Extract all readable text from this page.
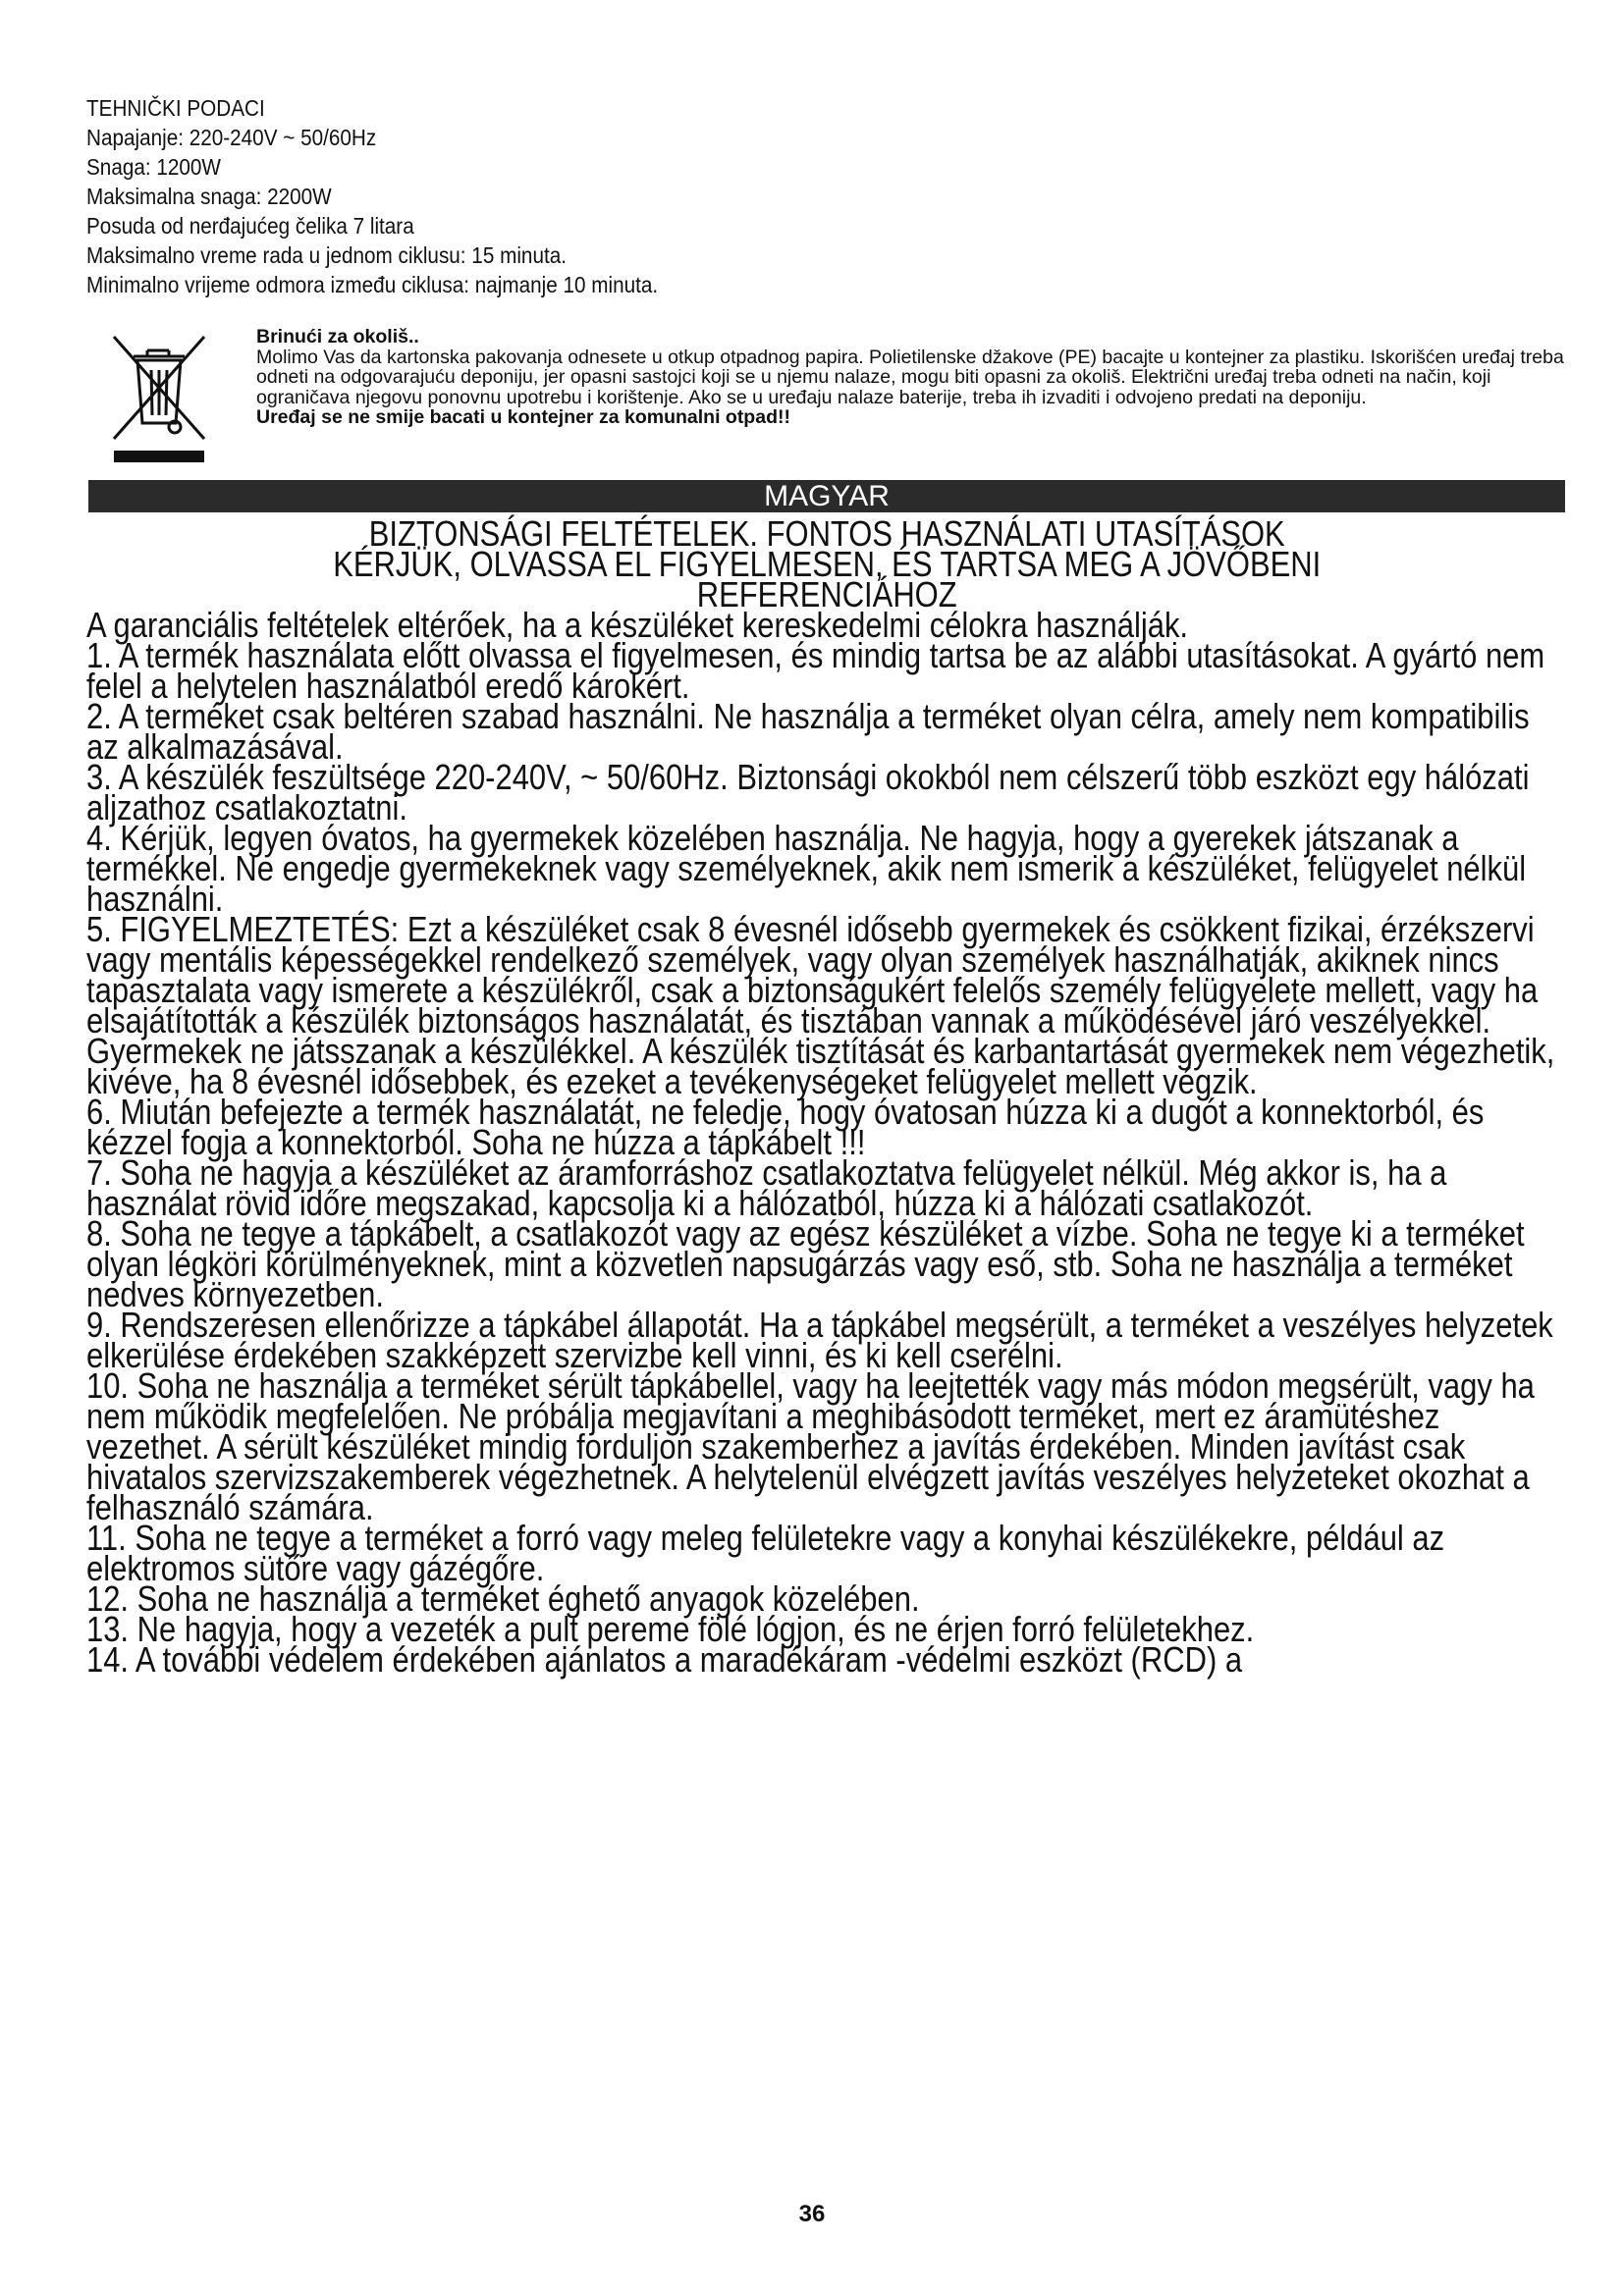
TEHNIČKI PODACI
Napajanje: 220-240V ~ 50/60Hz
Snaga: 1200W
Maksimalna snaga: 2200W
Posuda od nerđajućeg čelika 7 litara
Maksimalno vreme rada u jednom ciklusu: 15 minuta.
Minimalno vrijeme odmora između ciklusa: najmanje 10 minuta.
Brinući za okoliš..
Molimo Vas da kartonska pakovanja odnesete u otkup otpadnog papira. Polietilenske džakove (PE) bacajte u kontejner za plastiku. Iskorišćen uređaj treba odneti na odgovarajuću deponiju, jer opasni sastojci koji se u njemu nalaze, mogu biti opasni za okoliš. Električni uređaj treba odneti na način, koji ograničava njegovu ponovnu upotrebu i korištenje. Ako se u uređaju nalaze baterije, treba ih izvaditi i odvojeno predati na deponiju.
Uređaj se ne smije bacati u kontejner za komunalni otpad!!
MAGYAR
BIZTONSÁGI FELTÉTELEK. FONTOS HASZNÁLATI UTASÍTÁSOK
KÉRJÜK, OLVASSA EL FIGYELMESEN, ÉS TARTSA MEG A JÖVŐBENI
REFERENCIÁHOZ
A garanciális feltételek eltérőek, ha a készüléket kereskedelmi célokra használják.
1. A termék használata előtt olvassa el figyelmesen, és mindig tartsa be az alábbi utasításokat. A gyártó nem felel a helytelen használatból eredő károkért.
2. A terméket csak beltéren szabad használni. Ne használja a terméket olyan célra, amely nem kompatibilis az alkalmazásával.
3. A készülék feszültsége 220-240V, ~ 50/60Hz. Biztonsági okokból nem célszerű több eszközt egy hálózati aljzathoz csatlakoztatni.
4. Kérjük, legyen óvatos, ha gyermekek közelében használja. Ne hagyja, hogy a gyerekek játszanak a termékkel. Ne engedje gyermekeknek vagy személyeknek, akik nem ismerik a készüléket, felügyelet nélkül használni.
5. FIGYELMEZTETÉS: Ezt a készüléket csak 8 évesnél idősebb gyermekek és csökkent fizikai, érzékszervi vagy mentális képességekkel rendelkező személyek, vagy olyan személyek használhatják, akiknek nincs tapasztalata vagy ismerete a készülékről, csak a biztonságukért felelős személy felügyelete mellett, vagy ha elsajátították a készülék biztonságos használatát, és tisztában vannak a működésével járó veszélyekkel. Gyermekek ne játsszanak a készülékkel. A készülék tisztítását és karbantartását gyermekek nem végezhetik, kivéve, ha 8 évesnél idősebbek, és ezeket a tevékenységeket felügyelet mellett végzik.
6. Miután befejezte a termék használatát, ne feledje, hogy óvatosan húzza ki a dugót a konnektorból, és kézzel fogja a konnektorból. Soha ne húzza a tápkábelt !!!
7. Soha ne hagyja a készüléket az áramforráshoz csatlakoztatva felügyelet nélkül. Még akkor is, ha a használat rövid időre megszakad, kapcsolja ki a hálózatból, húzza ki a hálózati csatlakozót.
8. Soha ne tegye a tápkábelt, a csatlakozót vagy az egész készüléket a vízbe. Soha ne tegye ki a terméket olyan légköri körülményeknek, mint a közvetlen napsugárzás vagy eső, stb. Soha ne használja a terméket nedves környezetben.
9. Rendszeresen ellenőrizze a tápkábel állapotát. Ha a tápkábel megsérült, a terméket a veszélyes helyzetek elkerülése érdekében szakképzett szervizbe kell vinni, és ki kell cserélni.
10. Soha ne használja a terméket sérült tápkábellel, vagy ha leejtették vagy más módon megsérült, vagy ha nem működik megfelelően. Ne próbálja megjavítani a meghibásodott terméket, mert ez áramütéshez vezethet. A sérült készüléket mindig forduljon szakemberhez a javítás érdekében. Minden javítást csak hivatalos szervizszakemberek végezhetnek. A helytelenül elvégzett javítás veszélyes helyzeteket okozhat a felhasználó számára.
11. Soha ne tegye a terméket a forró vagy meleg felületekre vagy a konyhai készülékekre, például az elektromos sütőre vagy gázégőre.
12. Soha ne használja a terméket éghető anyagok közelében.
13. Ne hagyja, hogy a vezeték a pult pereme fölé lógjon, és ne érjen forró felületekhez.
14. A további védelem érdekében ajánlatos a maradékáram -védelmi eszközt (RCD) a
36
